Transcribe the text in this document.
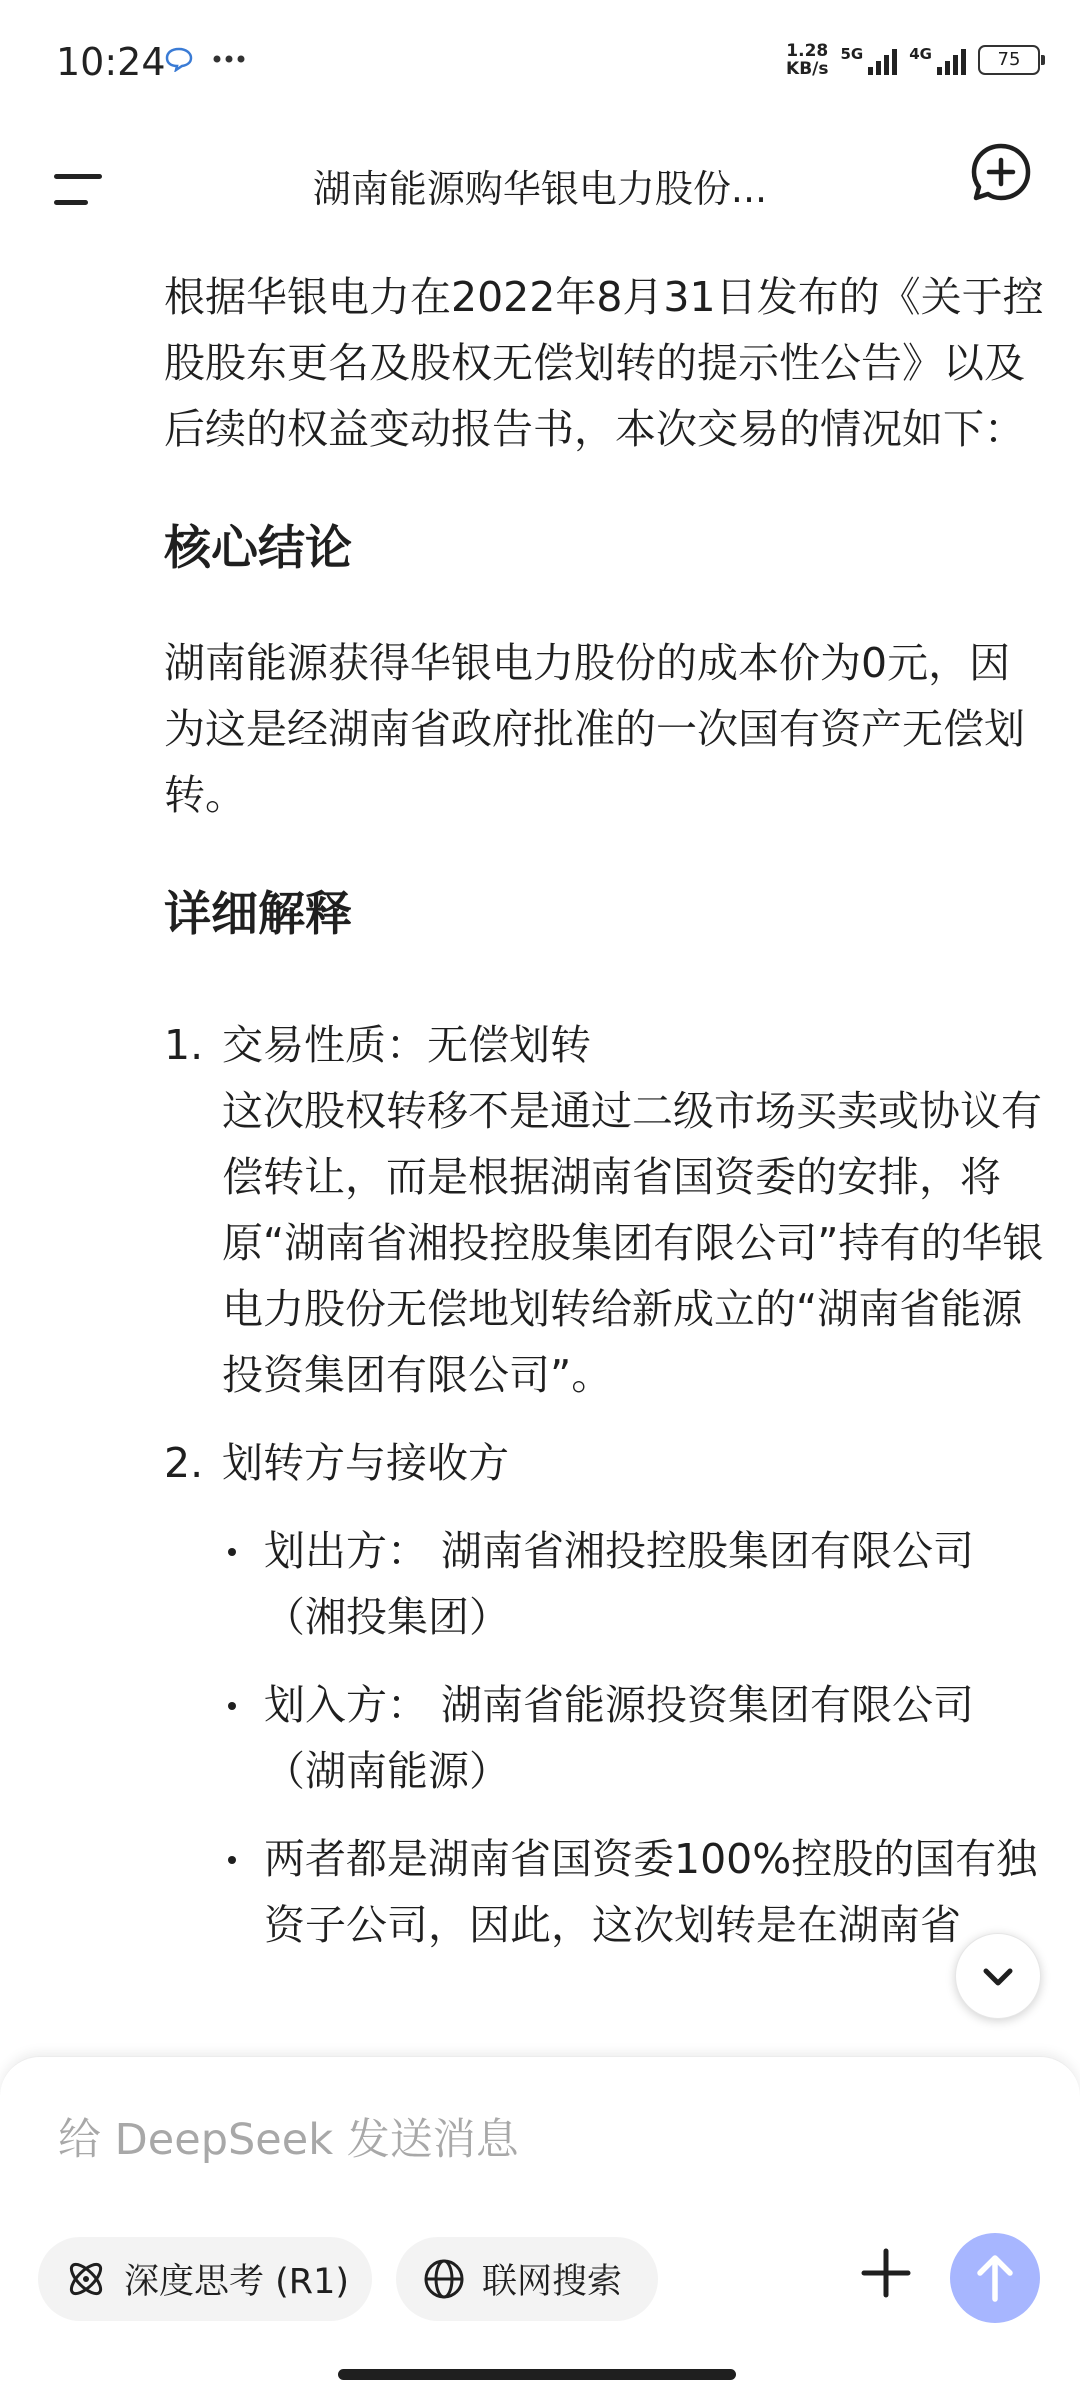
10:24	1.28
KB/s
5G	4G	75
湖南能源购华银电力股份...

根据华银电力在2022年8月31日发布的《关于控股股东更名及股权无偿划转的提示性公告》以及后续的权益变动报告书，本次交易的情况如下：

核心结论

湖南能源获得华银电力股份的成本价为0元，因为这是经湖南省政府批准的一次国有资产无偿划转。

详细解释

1. 交易性质：无偿划转
这次股权转移不是通过二级市场买卖或协议有偿转让，而是根据湖南省国资委的安排，将原“湖南省湘投控股集团有限公司”持有的华银电力股份无偿地划转给新成立的“湖南省能源投资集团有限公司”。
2. 划转方与接收方
划出方： 湖南省湘投控股集团有限公司（湘投集团）
划入方： 湖南省能源投资集团有限公司（湖南能源）
两者都是湖南省国资委100%控股的国有独资子公司，因此，这次划转是在湖南省
给 DeepSeek 发送消息
深度思考 (R1)	联网搜索
